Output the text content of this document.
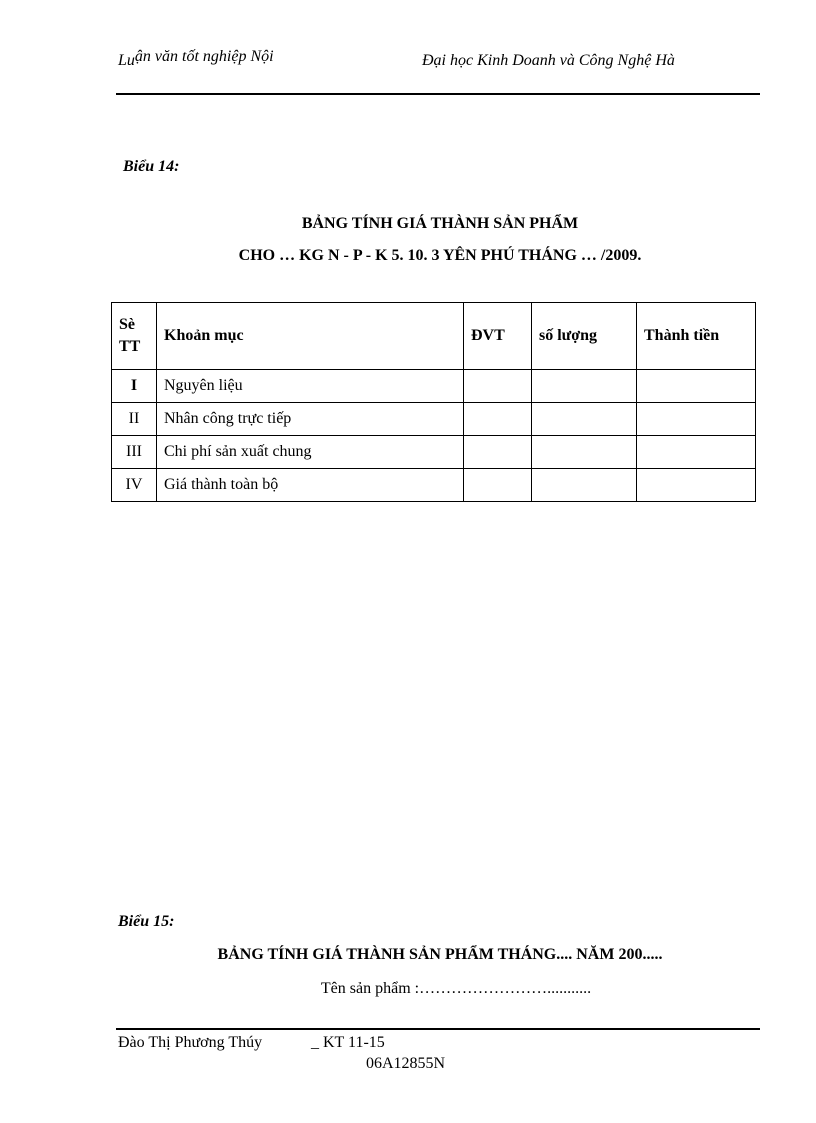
Luận văn tốt nghiệp Nội	Đại học Kinh Doanh và Công Nghệ Hà
Biểu 14:
BẢNG TÍNH GIÁ THÀNH SẢN PHẨM
CHO … KG N - P - K 5. 10. 3 YÊN PHÚ THÁNG … /2009.
Sè
TT	Khoản mục	ĐVT	số lượng	Thành tiền
I	Nguyên liệu			
II	Nhân công trực tiếp			
III	Chi phí sản xuất chung			
IV	Giá thành toàn bộ			
Biểu 15:
BẢNG TÍNH GIÁ THÀNH SẢN PHẨM THÁNG.... NĂM 200.....
Tên sản phẩm :……………………...........
Đào Thị Phương Thúy	_ KT 11-15
06A12855N
